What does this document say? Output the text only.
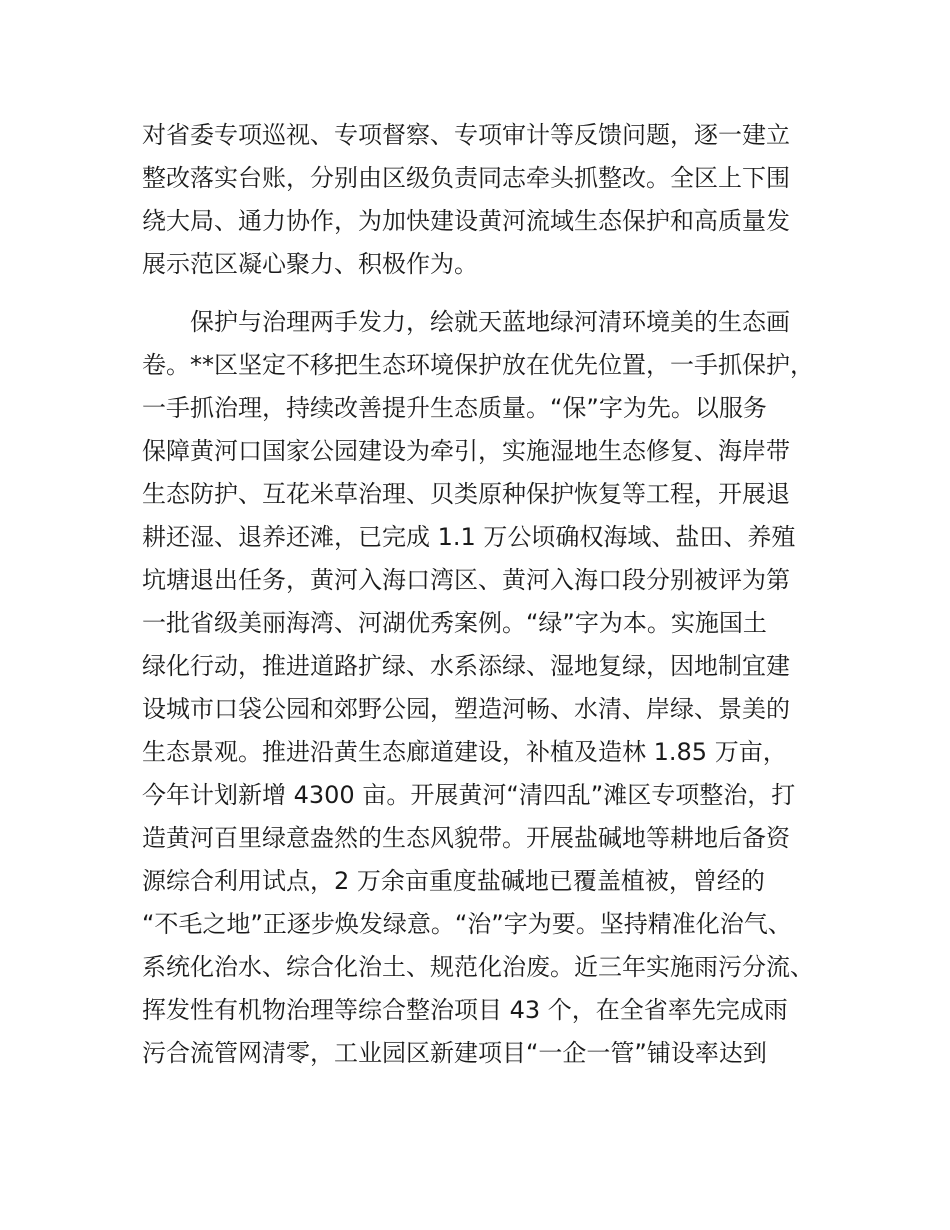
对省委专项巡视、专项督察、专项审计等反馈问题，逐一建立
整改落实台账，分别由区级负责同志牵头抓整改。全区上下围
绕大局、通力协作，为加快建设黄河流域生态保护和高质量发
展示范区凝心聚力、积极作为。
　　保护与治理两手发力，绘就天蓝地绿河清环境美的生态画
卷。**区坚定不移把生态环境保护放在优先位置，一手抓保护，
一手抓治理，持续改善提升生态质量。“保”字为先。以服务
保障黄河口国家公园建设为牵引，实施湿地生态修复、海岸带
生态防护、互花米草治理、贝类原种保护恢复等工程，开展退
耕还湿、退养还滩，已完成 1.1 万公顷确权海域、盐田、养殖
坑塘退出任务，黄河入海口湾区、黄河入海口段分别被评为第
一批省级美丽海湾、河湖优秀案例。“绿”字为本。实施国土
绿化行动，推进道路扩绿、水系添绿、湿地复绿，因地制宜建
设城市口袋公园和郊野公园，塑造河畅、水清、岸绿、景美的
生态景观。推进沿黄生态廊道建设，补植及造林 1.85 万亩，
今年计划新增 4300 亩。开展黄河“清四乱”滩区专项整治，打
造黄河百里绿意盎然的生态风貌带。开展盐碱地等耕地后备资
源综合利用试点，2 万余亩重度盐碱地已覆盖植被，曾经的
“不毛之地”正逐步焕发绿意。“治”字为要。坚持精准化治气、
系统化治水、综合化治土、规范化治废。近三年实施雨污分流、
挥发性有机物治理等综合整治项目 43 个，在全省率先完成雨
污合流管网清零，工业园区新建项目“一企一管”铺设率达到
